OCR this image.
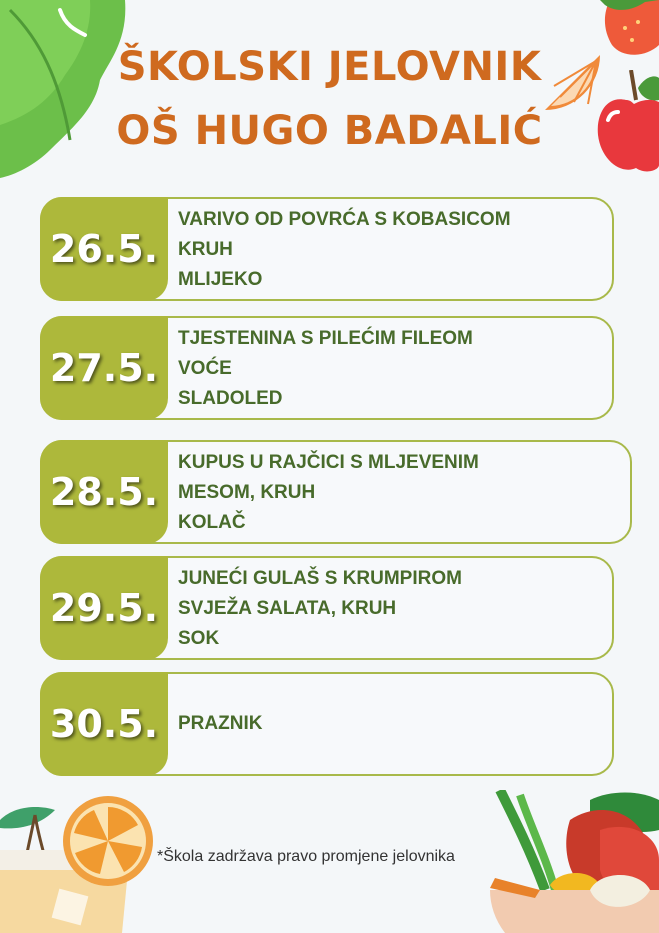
ŠKOLSKI JELOVNIK
OŠ HUGO BADALIĆ
26.5.
VARIVO OD POVRĆA S KOBASICOM
KRUH
MLIJEKO
27.5.
TJESTENINA S PILEĆIM FILEOM
VOĆE
SLADOLED
28.5.
KUPUS U RAJČICI S MLJEVENIM
MESOM, KRUH
KOLAČ
29.5.
JUNEĆI GULAŠ S KRUMPIROM
SVJEŽA SALATA, KRUH
SOK
30.5.	PRAZNIK
*Škola zadržava pravo promjene jelovnika
